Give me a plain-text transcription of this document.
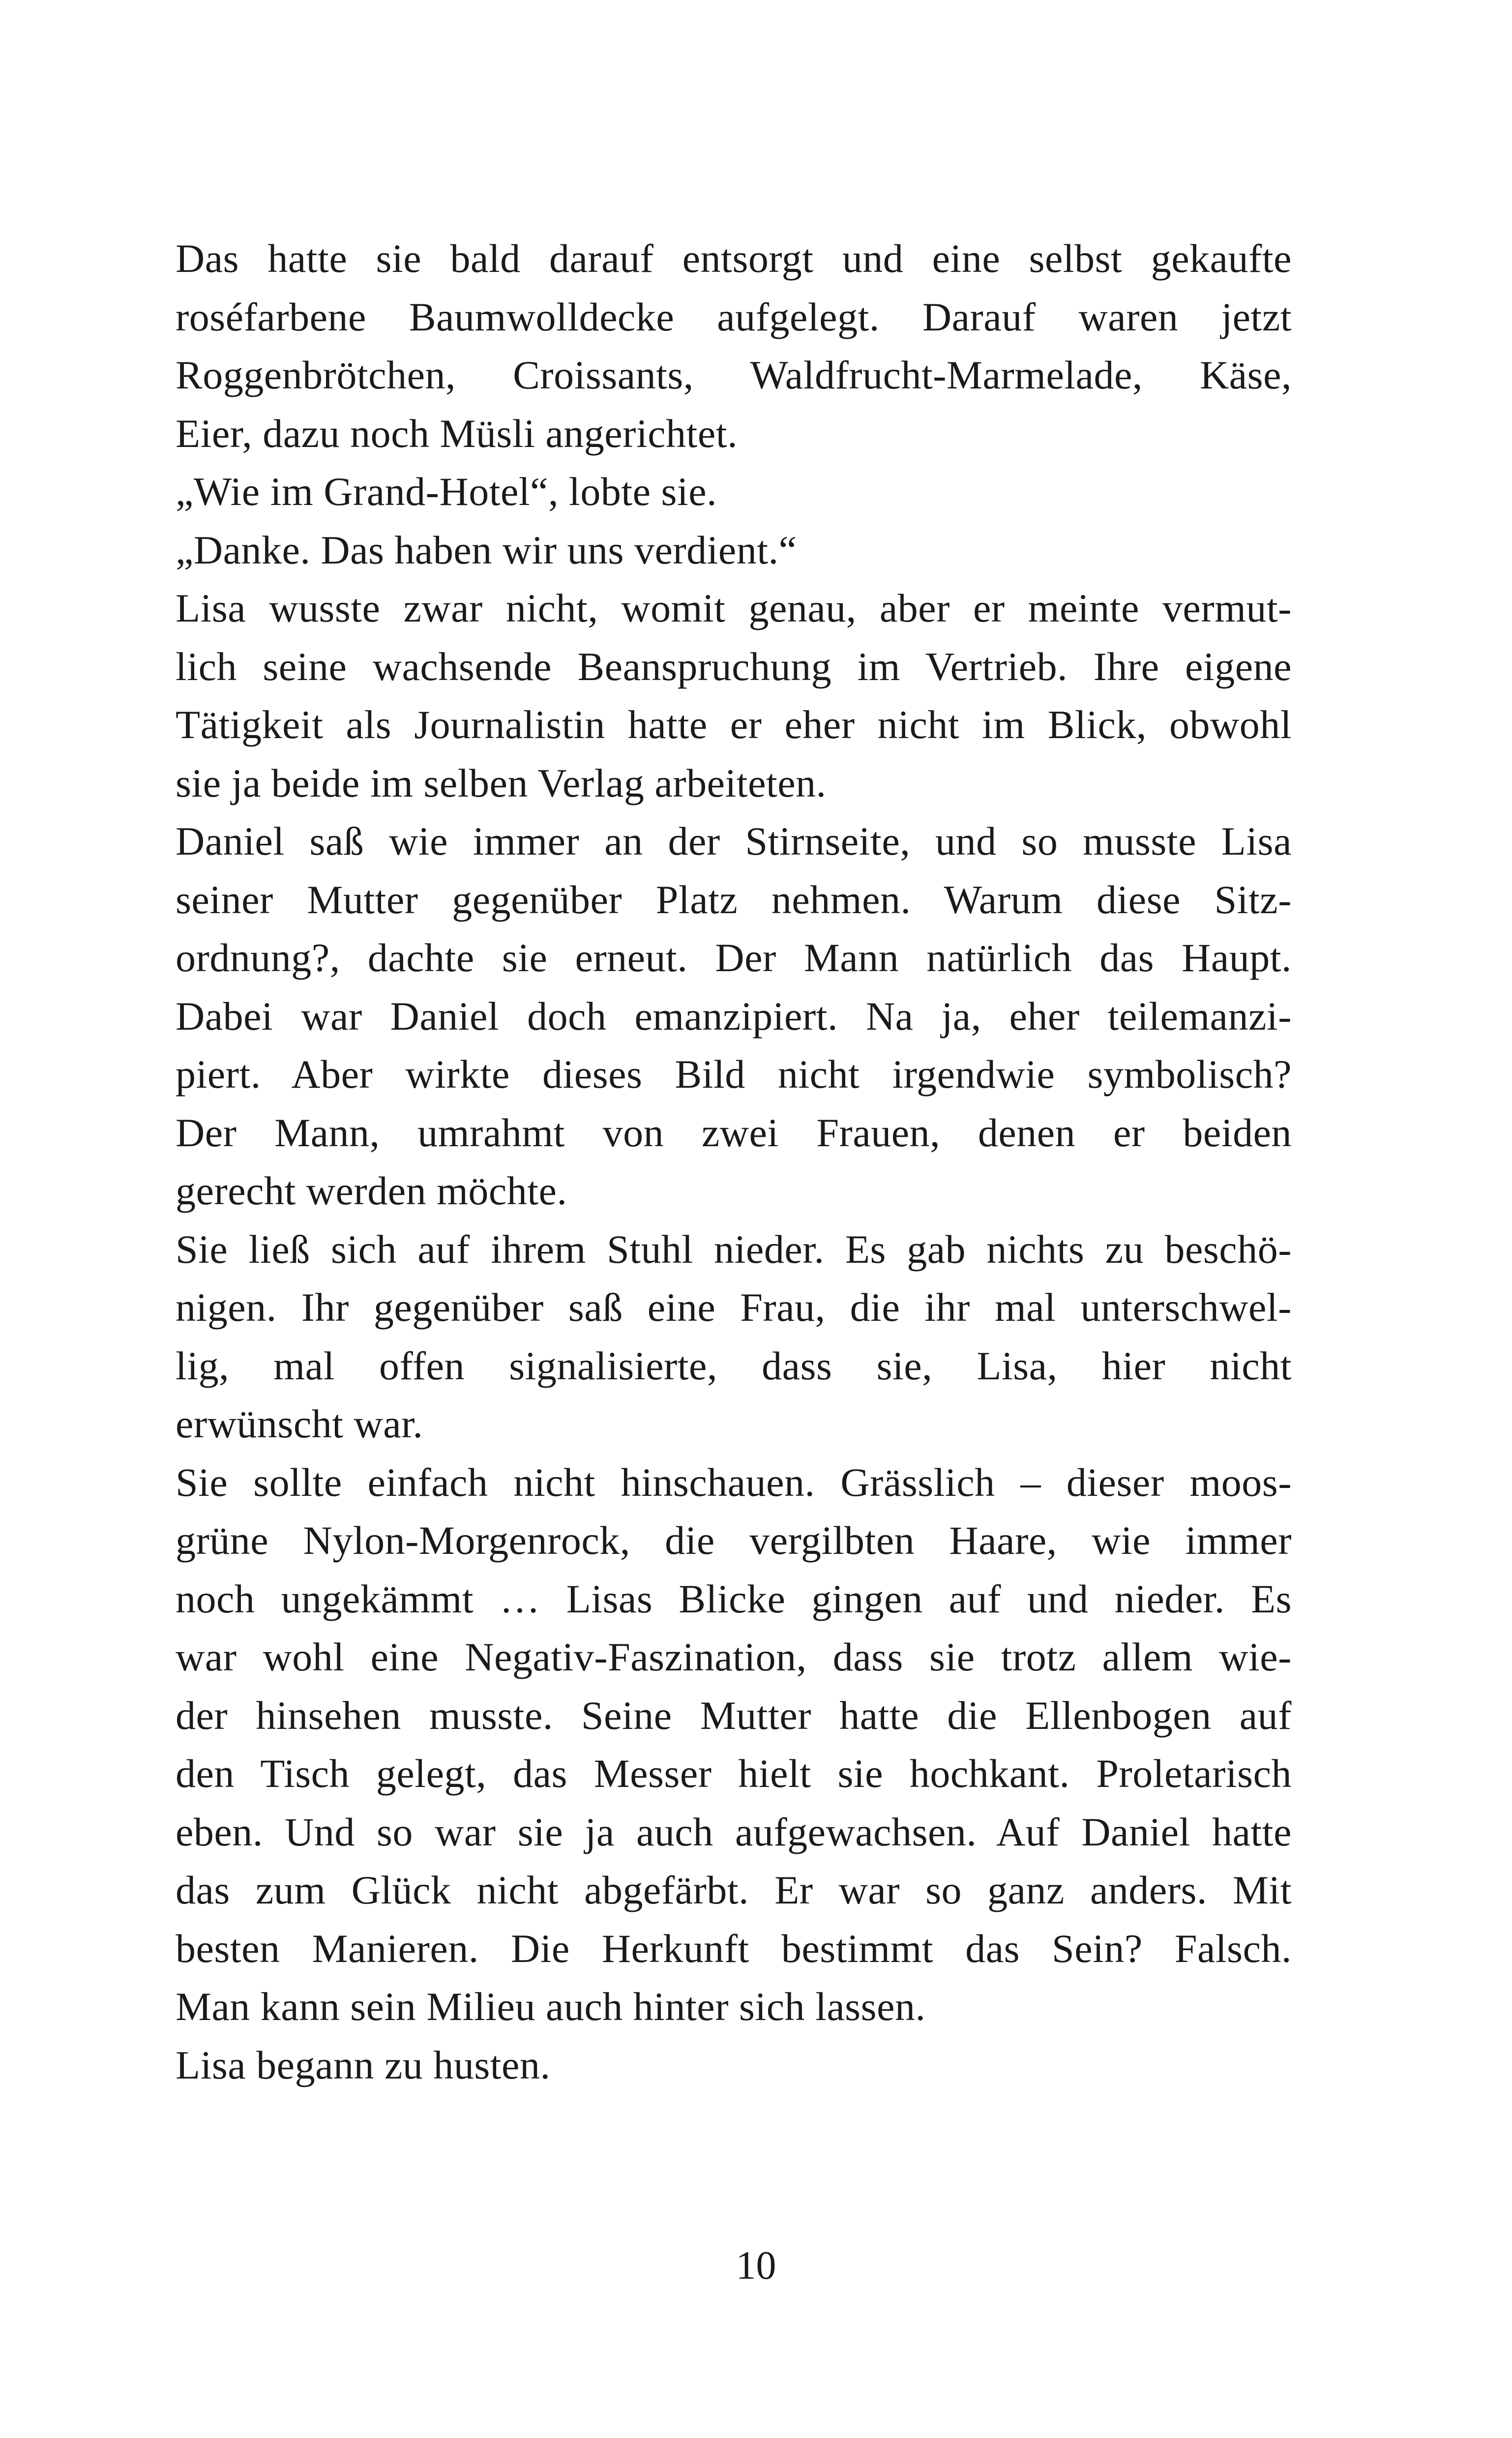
Das hatte sie bald darauf entsorgt und eine selbst gekaufte
roséfarbene Baumwolldecke aufgelegt. Darauf waren jetzt
Roggenbrötchen, Croissants, Waldfrucht-Marmelade, Käse,
Eier, dazu noch Müsli angerichtet.
„Wie im Grand-Hotel“, lobte sie.
„Danke. Das haben wir uns verdient.“
Lisa wusste zwar nicht, womit genau, aber er meinte vermut-
lich seine wachsende Beanspruchung im Vertrieb. Ihre eigene
Tätigkeit als Journalistin hatte er eher nicht im Blick, obwohl
sie ja beide im selben Verlag arbeiteten.
Daniel saß wie immer an der Stirnseite, und so musste Lisa
seiner Mutter gegenüber Platz nehmen. Warum diese Sitz-
ordnung?, dachte sie erneut. Der Mann natürlich das Haupt.
Dabei war Daniel doch emanzipiert. Na ja, eher teilemanzi-
piert. Aber wirkte dieses Bild nicht irgendwie symbolisch?
Der Mann, umrahmt von zwei Frauen, denen er beiden
gerecht werden möchte.
Sie ließ sich auf ihrem Stuhl nieder. Es gab nichts zu beschö-
nigen. Ihr gegenüber saß eine Frau, die ihr mal unterschwel-
lig, mal offen signalisierte, dass sie, Lisa, hier nicht
erwünscht war.
Sie sollte einfach nicht hinschauen. Grässlich – dieser moos-
grüne Nylon-Morgenrock, die vergilbten Haare, wie immer
noch ungekämmt … Lisas Blicke gingen auf und nieder. Es
war wohl eine Negativ-Faszination, dass sie trotz allem wie-
der hinsehen musste. Seine Mutter hatte die Ellenbogen auf
den Tisch gelegt, das Messer hielt sie hochkant. Proletarisch
eben. Und so war sie ja auch aufgewachsen. Auf Daniel hatte
das zum Glück nicht abgefärbt. Er war so ganz anders. Mit
besten Manieren. Die Herkunft bestimmt das Sein? Falsch.
Man kann sein Milieu auch hinter sich lassen.
Lisa begann zu husten.
10
